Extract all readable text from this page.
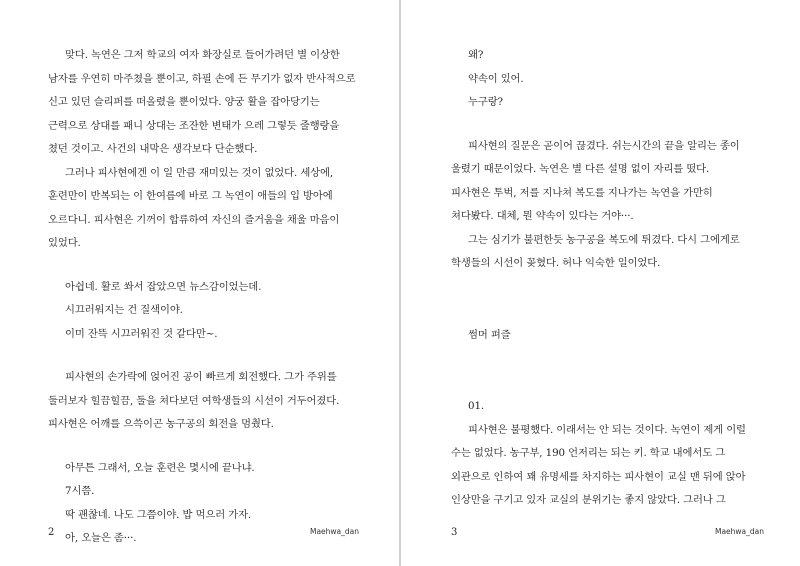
맞다. 녹연은 그저 학교의 여자 화장실로 들어가려던 별 이상한 남자를 우연히 마주쳤을 뿐이고, 하필 손에 든 무기가 없자 반사적으로 신고 있던 슬리퍼를 떠올렸을 뿐이었다. 양궁 활을 잡아당기는 근력으로 상대를 패니 상대는 조잔한 변태가 으레 그렇듯 줄행랑을 쳤던 것이고. 사건의 내막은 생각보다 단순했다.

그러나 피사현에겐 이 일 만큼 재미있는 것이 없었다. 세상에, 훈련만이 반복되는 이 한여름에 바로 그 녹연이 애들의 입 방아에 오르다니. 피사현은 기꺼이 합류하여 자신의 즐거움을 채울 마음이 있었다.

아쉽네. 활로 쏴서 잡았으면 뉴스감이었는데.

시끄러워지는 건 질색이야.

이미 잔뜩 시끄러워진 것 같다만~.

피사현의 손가락에 얹어진 공이 빠르게 회전했다. 그가 주위를 둘러보자 힐끔힐끔, 둘을 쳐다보던 여학생들의 시선이 거두어졌다. 피사현은 어깨를 으쓱이곤 농구공의 회전을 멈췄다.

아무튼 그래서, 오늘 훈련은 몇시에 끝나냐.

7시쯤.

딱 괜찮네. 나도 그쯤이야. 밥 먹으러 가자.

아, 오늘은 좀···.

2	Maehwa_dan

왜?

약속이 있어.

누구랑?

피사현의 질문은 곧이어 끊겼다. 쉬는시간의 끝을 알리는 종이 울렸기 때문이었다. 녹연은 별 다른 설명 없이 자리를 떴다. 피사현은 투벅, 저를 지나쳐 복도를 지나가는 녹연을 가만히 쳐다봤다. 대체, 뭔 약속이 있다는 거야···.

그는 심기가 불편한듯 농구공을 복도에 튀겼다. 다시 그에게로 학생들의 시선이 꽂혔다. 허나 익숙한 일이었다.

썸머 펴즐

01.

피사현은 불평했다. 이래서는 안 되는 것이다. 녹연이 제게 이럴 수는 없었다. 농구부, 190 언저리는 되는 키. 학교 내에서도 그 외관으로 인하여 꽤 유명세를 차지하는 피사현이 교실 맨 뒤에 앉아 인상만을 구기고 있자 교실의 분위기는 좋지 않았다. 그러나 그

3	Maehwa_dan
